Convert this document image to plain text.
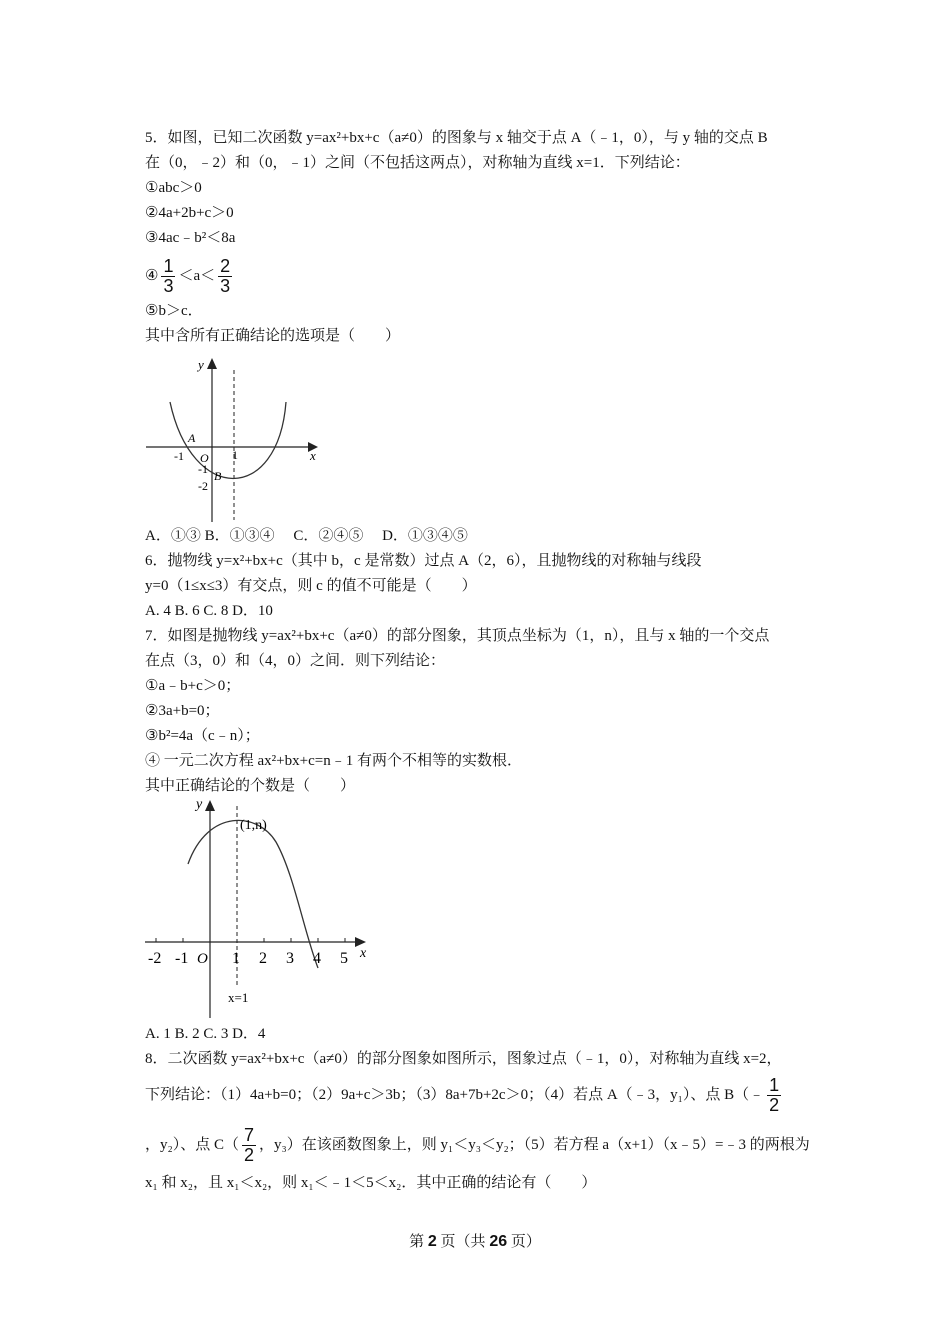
5．如图，已知二次函数 y=ax²+bx+c（a≠0）的图象与 x 轴交于点 A（﹣1，0），与 y 轴的交点 B
在（0，﹣2）和（0，﹣1）之间（不包括这两点），对称轴为直线 x=1．下列结论：
①abc＞0
②4a+2b+c＞0
③4ac﹣b²＜8a
④ $\frac{1}{3} <a< \frac{2}{3}$
⑤b＞c．
其中含所有正确结论的选项是（　　）
y
x
A
-1 O 1
-1 B
-2
A．①③ B．①③④　 C．②④⑤　 D．①③④⑤
6．抛物线 y=x²+bx+c（其中 b，c 是常数）过点 A（2，6），且抛物线的对称轴与线段
y=0（1≤x≤3）有交点，则 c 的值不可能是（　　）
A. 4 B. 6 C. 8 D．10
7．如图是抛物线 y=ax²+bx+c（a≠0）的部分图象，其顶点坐标为（1，n），且与 x 轴的一个交点
在点（3，0）和（4，0）之间．则下列结论：
①a﹣b+c＞0；
②3a+b=0；
③b²=4a（c﹣n）；
④ 一元二次方程 ax²+bx+c=n﹣1 有两个不相等的实数根．
其中正确结论的个数是（　　）
y
x
(1,n)
O
-2 -1	1 2 3 4 5
x=1
A. 1 B. 2 C. 3 D．4
8．二次函数 y=ax²+bx+c（a≠0）的部分图象如图所示，图象过点（﹣1，0），对称轴为直线 x=2，
下列结论：（1）4a+b=0；（2）9a+c＞3b；（3）8a+7b+2c＞0；（4）若点 A（﹣3，y₁）、点 B（﹣ $\frac{1}{2}$
，y₂）、点 $C( \frac{7}{2}$ ，y₃）在该函数图象上，则 y₁＜y₃＜y₂；（5）若方程 a（x+1）（x﹣5）=﹣3 的两根为
x₁ 和 x₂，且 x₁＜x₂，则 x₁＜﹣1＜5＜x₂．其中正确的结论有（　　）
第 2 页（共 26 页）
